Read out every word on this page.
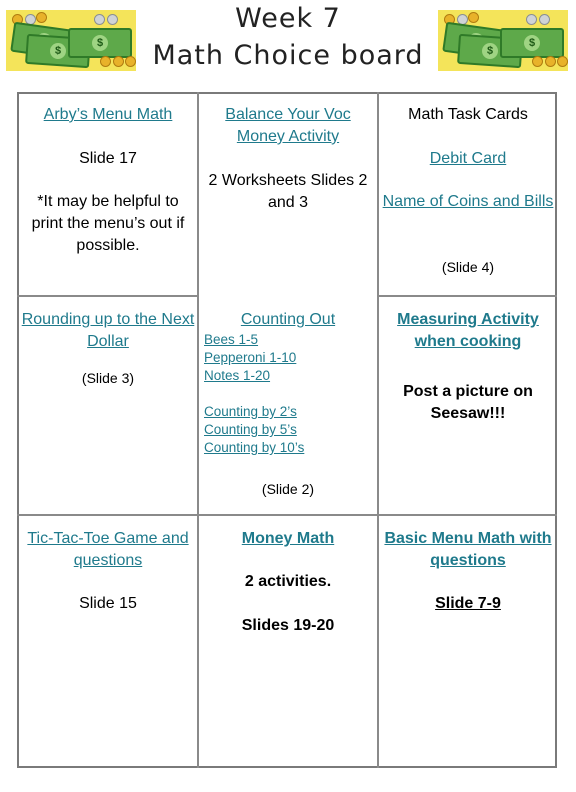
$
$
$
$
$
$
Week 7
Math Choice board

Arby’s Menu Math

Slide 17

*It may be helpful to print the menu’s out if possible.

Balance Your Voc Money Activity

2 Worksheets Slides 2 and 3

Math Task Cards

Debit Card

Name of Coins and Bills

(Slide 4)

Rounding up to the Next Dollar

(Slide 3)

Counting Out

Bees 1-5
Pepperoni 1-10
Notes 1-20
Counting by 2’s
Counting by 5’s
Counting by 10’s

(Slide 2)

Measuring Activity when cooking

Post a picture on Seesaw!!!

Tic-Tac-Toe Game and questions

Slide 15

Money Math

2 activities.

Slides 19-20

Basic Menu Math with questions

Slide 7-9
